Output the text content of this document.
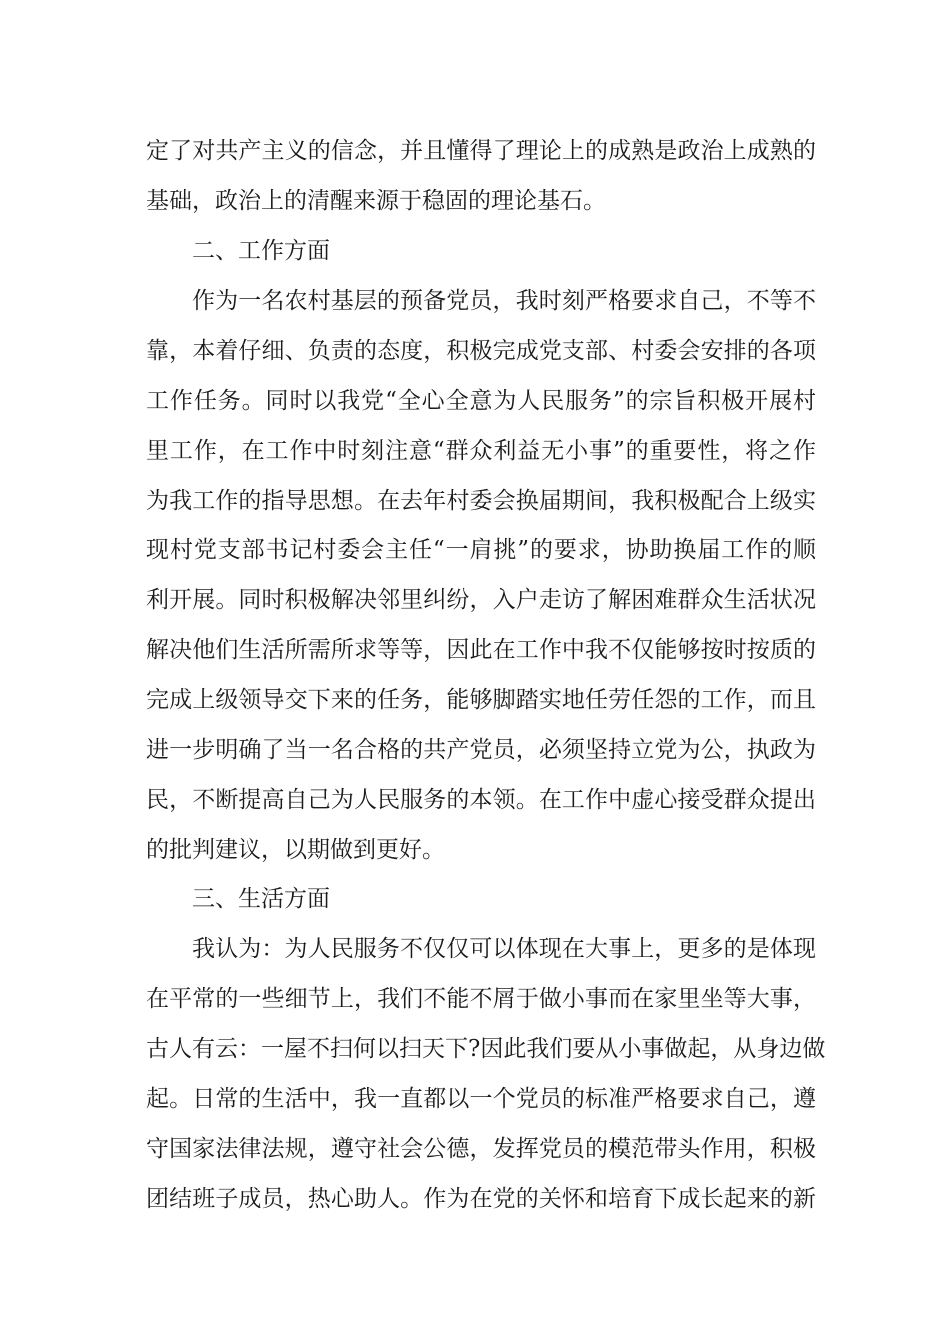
定了对共产主义的信念，并且懂得了理论上的成熟是政治上成熟的
基础，政治上的清醒来源于稳固的理论基石。
二、工作方面
作为一名农村基层的预备党员，我时刻严格要求自己，不等不
靠，本着仔细、负责的态度，积极完成党支部、村委会安排的各项
工作任务。同时以我党“全心全意为人民服务”的宗旨积极开展村
里工作，在工作中时刻注意“群众利益无小事”的重要性，将之作
为我工作的指导思想。在去年村委会换届期间，我积极配合上级实
现村党支部书记村委会主任“一肩挑”的要求，协助换届工作的顺
利开展。同时积极解决邻里纠纷，入户走访了解困难群众生活状况
解决他们生活所需所求等等，因此在工作中我不仅能够按时按质的
完成上级领导交下来的任务，能够脚踏实地任劳任怨的工作，而且
进一步明确了当一名合格的共产党员，必须坚持立党为公，执政为
民，不断提高自己为人民服务的本领。在工作中虚心接受群众提出
的批判建议，以期做到更好。
三、生活方面
我认为：为人民服务不仅仅可以体现在大事上，更多的是体现
在平常的一些细节上，我们不能不屑于做小事而在家里坐等大事，
古人有云：一屋不扫何以扫天下?因此我们要从小事做起，从身边做
起。日常的生活中，我一直都以一个党员的标准严格要求自己，遵
守国家法律法规，遵守社会公德，发挥党员的模范带头作用，积极
团结班子成员，热心助人。作为在党的关怀和培育下成长起来的新
